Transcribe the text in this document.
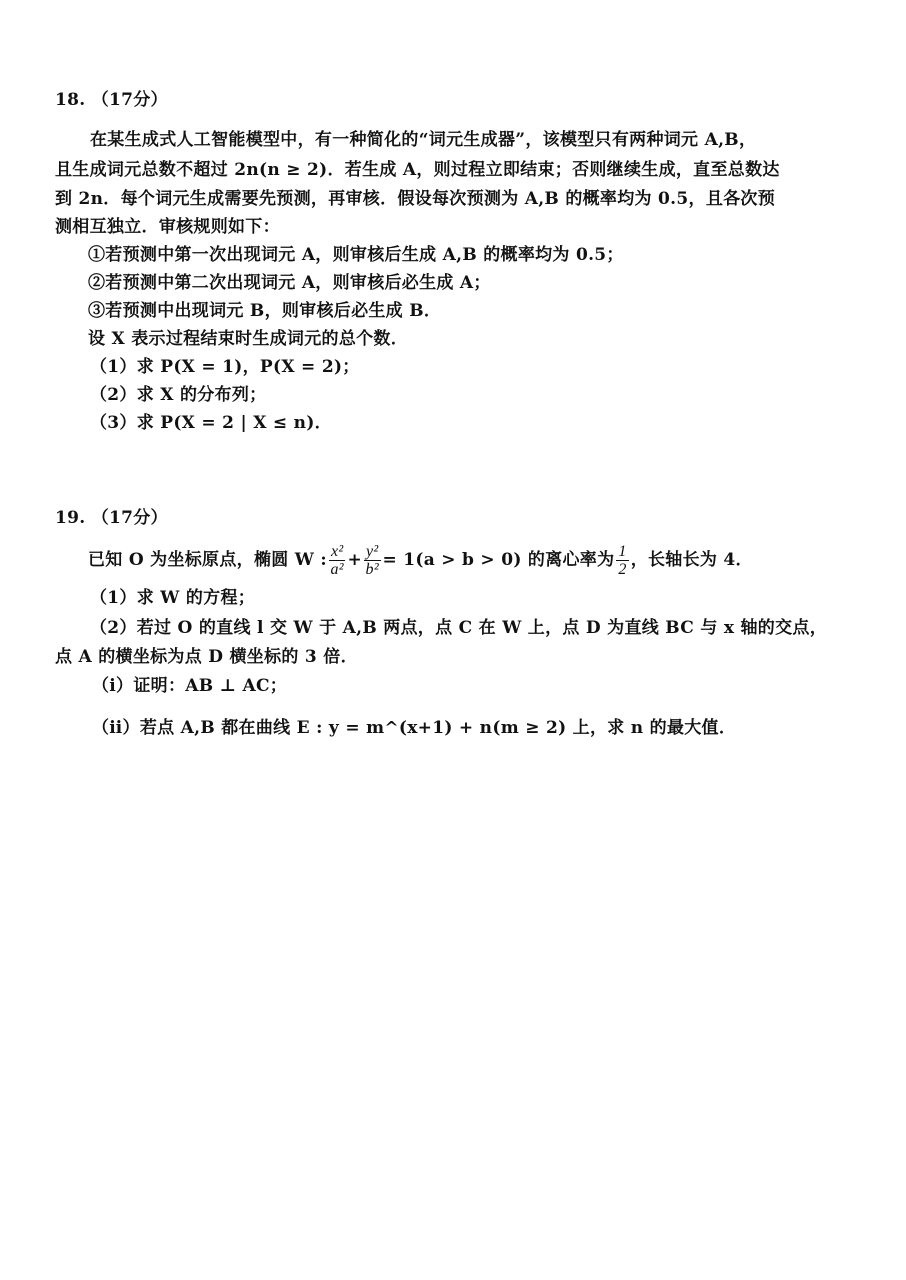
18. （17分）
在某生成式人工智能模型中，有一种简化的“词元生成器”，该模型只有两种词元 A,B，
且生成词元总数不超过 2n(n ≥ 2)．若生成 A，则过程立即结束；否则继续生成，直至总数达
到 2n．每个词元生成需要先预测，再审核．假设每次预测为 A,B 的概率均为 0.5，且各次预
测相互独立．审核规则如下：
①若预测中第一次出现词元 A，则审核后生成 A,B 的概率均为 0.5；
②若预测中第二次出现词元 A，则审核后必生成 A；
③若预测中出现词元 B，则审核后必生成 B．
设 X 表示过程结束时生成词元的总个数．
（1）求 P(X = 1)，P(X = 2)；
（2）求 X 的分布列；
（3）求 P(X = 2 | X ≤ n)．
19. （17分）
已知 O 为坐标原点，椭圆 W : $\frac{\text{x²}}{\text{a²}} + \frac{\text{y²}}{\text{b²}} = 1(a > b > 0)$ 的离心率为 $\frac{1}{2}$ ，长轴长为 4．
（1）求 W 的方程；
（2）若过 O 的直线 l 交 W 于 A,B 两点，点 C 在 W 上，点 D 为直线 BC 与 x 轴的交点，
点 A 的横坐标为点 D 横坐标的 3 倍．
（ⅰ）证明：AB ⊥ AC；
（ⅱ）若点 A,B 都在曲线 E : y = m^(x+1) + n(m ≥ 2) 上，求 n 的最大值．
